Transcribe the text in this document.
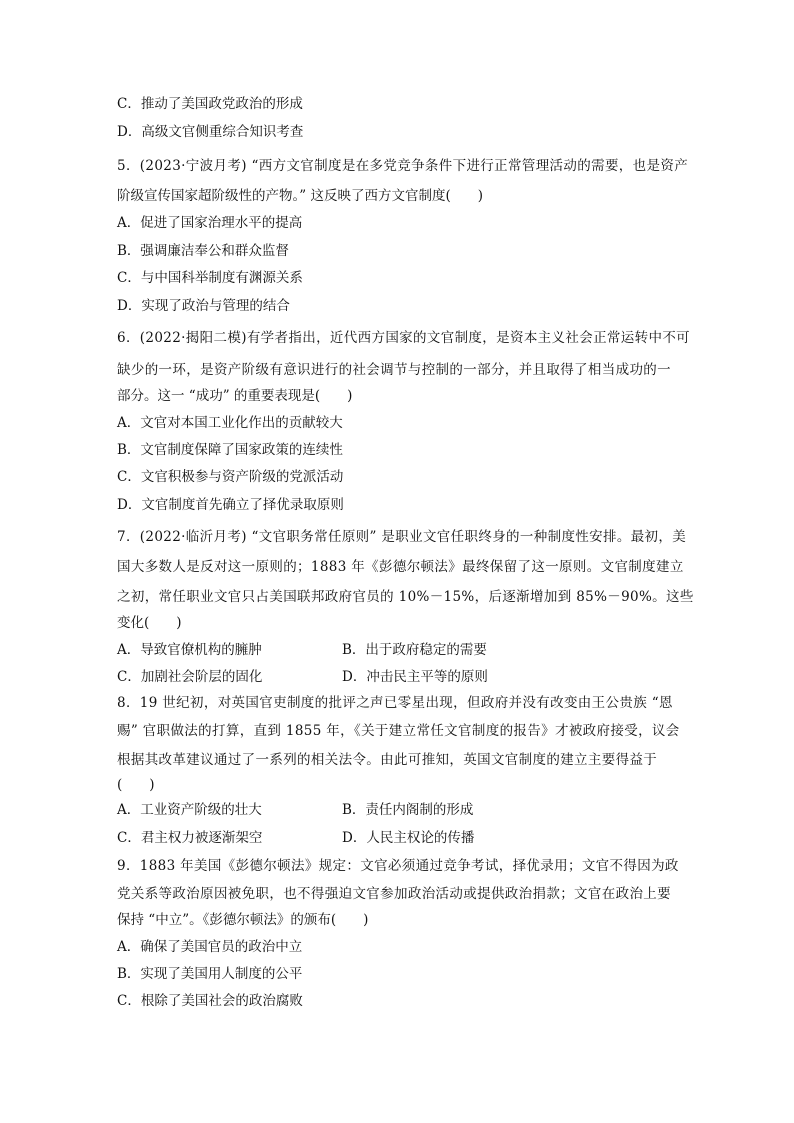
C．推动了美国政党政治的形成
D．高级文官侧重综合知识考查
5．(2023·宁波月考) “西方文官制度是在多党竞争条件下进行正常管理活动的需要，也是资产
阶级宣传国家超阶级性的产物。” 这反映了西方文官制度(　　)
A．促进了国家治理水平的提高
B．强调廉洁奉公和群众监督
C．与中国科举制度有渊源关系
D．实现了政治与管理的结合
6．(2022·揭阳二模)有学者指出，近代西方国家的文官制度，是资本主义社会正常运转中不可
缺少的一环，是资产阶级有意识进行的社会调节与控制的一部分，并且取得了相当成功的一
部分。这一 “成功” 的重要表现是(　　)
A．文官对本国工业化作出的贡献较大
B．文官制度保障了国家政策的连续性
C．文官积极参与资产阶级的党派活动
D．文官制度首先确立了择优录取原则
7．(2022·临沂月考) “文官职务常任原则” 是职业文官任职终身的一种制度性安排。最初，美
国大多数人是反对这一原则的；1883 年《彭德尔顿法》最终保留了这一原则。文官制度建立
之初，常任职业文官只占美国联邦政府官员的 10%－15%，后逐渐增加到 85%－90%。这些
变化(　　)
A．导致官僚机构的臃肿	B．出于政府稳定的需要
C．加剧社会阶层的固化	D．冲击民主平等的原则
8．19 世纪初，对英国官吏制度的批评之声已零星出现，但政府并没有改变由王公贵族 “恩
赐” 官职做法的打算，直到 1855 年，《关于建立常任文官制度的报告》才被政府接受，议会
根据其改革建议通过了一系列的相关法令。由此可推知，英国文官制度的建立主要得益于
(　　)
A．工业资产阶级的壮大	B．责任内阁制的形成
C．君主权力被逐渐架空	D．人民主权论的传播
9．1883 年美国《彭德尔顿法》规定：文官必须通过竞争考试，择优录用；文官不得因为政
党关系等政治原因被免职，也不得强迫文官参加政治活动或提供政治捐款；文官在政治上要
保持 “中立”。《彭德尔顿法》的颁布(　　)
A．确保了美国官员的政治中立
B．实现了美国用人制度的公平
C．根除了美国社会的政治腐败
